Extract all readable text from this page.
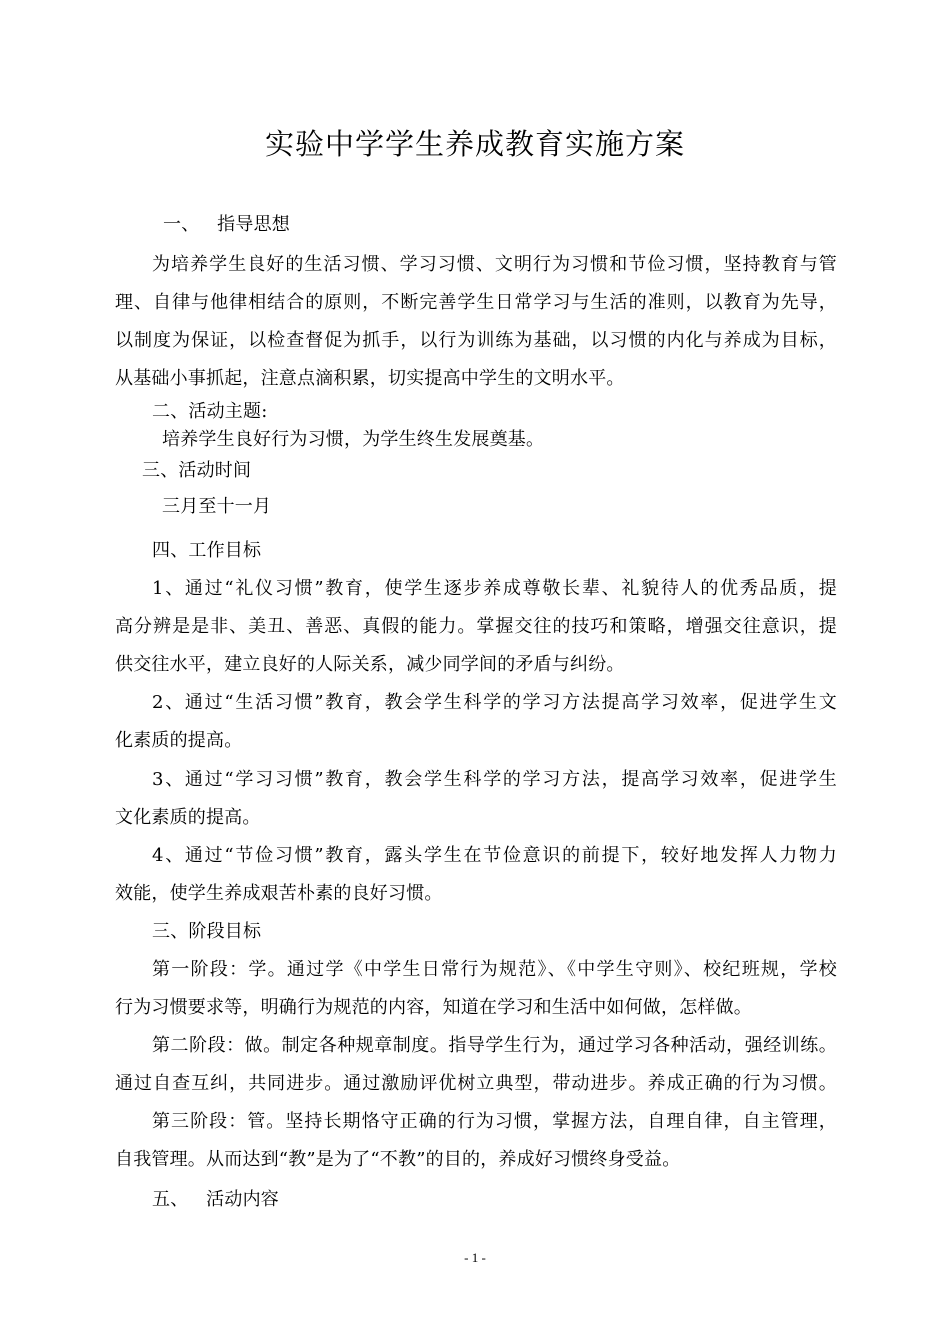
实验中学学生养成教育实施方案
一、   指导思想
为培养学生良好的生活习惯、学习习惯、文明行为习惯和节俭习惯，坚持教育与管
理、自律与他律相结合的原则，不断完善学生日常学习与生活的准则，以教育为先导，
以制度为保证，以检查督促为抓手，以行为训练为基础，以习惯的内化与养成为目标，
从基础小事抓起，注意点滴积累，切实提高中学生的文明水平。
二、活动主题:
培养学生良好行为习惯，为学生终生发展奠基。
三、活动时间
三月至十一月
四、工作目标
1、通过“礼仪习惯”教育，使学生逐步养成尊敬长辈、礼貌待人的优秀品质，提
高分辨是是非、美丑、善恶、真假的能力。掌握交往的技巧和策略，增强交往意识，提
供交往水平，建立良好的人际关系，减少同学间的矛盾与纠纷。
2、通过“生活习惯”教育，教会学生科学的学习方法提高学习效率，促进学生文
化素质的提高。
3、通过“学习习惯”教育，教会学生科学的学习方法，提高学习效率，促进学生
文化素质的提高。
4、通过“节俭习惯”教育，露头学生在节俭意识的前提下，较好地发挥人力物力
效能，使学生养成艰苦朴素的良好习惯。
三、阶段目标
第一阶段：学。通过学《中学生日常行为规范》、《中学生守则》、校纪班规，学校
行为习惯要求等，明确行为规范的内容，知道在学习和生活中如何做，怎样做。
第二阶段：做。制定各种规章制度。指导学生行为，通过学习各种活动，强经训练。
通过自查互纠，共同进步。通过激励评优树立典型，带动进步。养成正确的行为习惯。
第三阶段：管。坚持长期恪守正确的行为习惯，掌握方法，自理自律，自主管理，
自我管理。从而达到“教”是为了“不教”的目的，养成好习惯终身受益。
五、   活动内容
- 1 -
